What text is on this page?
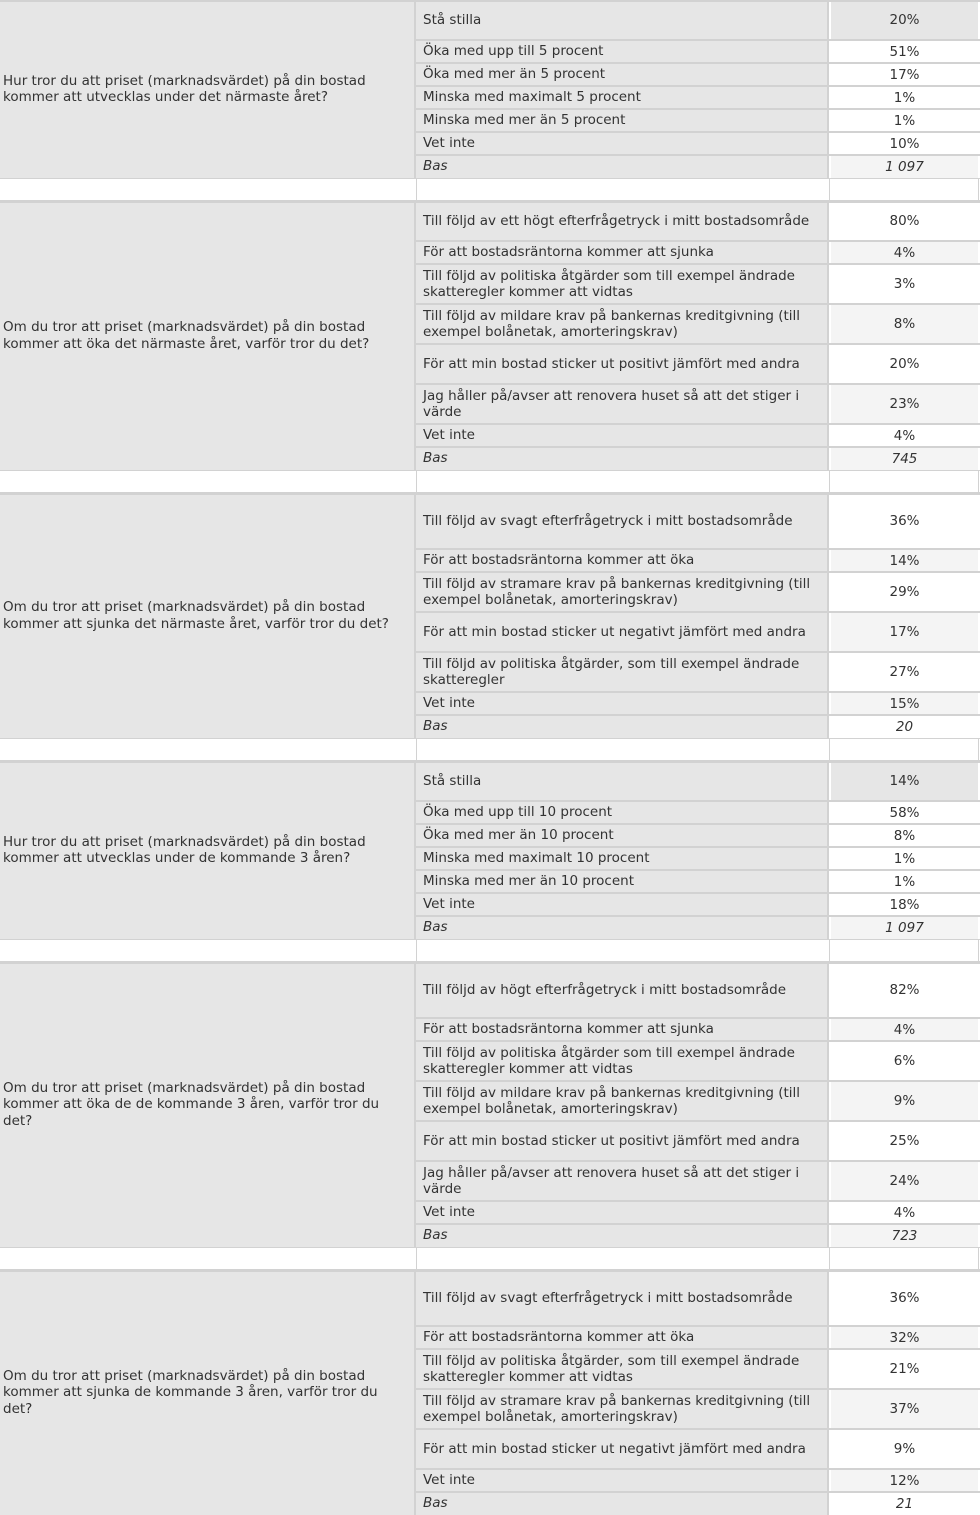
Hur tror du att priset (marknadsvärdet) på din bostad kommer att utvecklas under det närmaste året?
Stå stilla	20%
Öka med upp till 5 procent	51%
Öka med mer än 5 procent	17%
Minska med maximalt 5 procent	1%
Minska med mer än 5 procent	1%
Vet inte	10%
Bas	1 097
Om du tror att priset (marknadsvärdet) på din bostad kommer att öka det närmaste året, varför tror du det?
Till följd av ett högt efterfrågetryck i mitt bostadsområde	80%
För att bostadsräntorna kommer att sjunka	4%
Till följd av politiska åtgärder som till exempel ändrade skatteregler kommer att vidtas	3%
Till följd av mildare krav på bankernas kreditgivning (till exempel bolånetak, amorteringskrav)	8%
För att min bostad sticker ut positivt jämfört med andra	20%
Jag håller på/avser att renovera huset så att det stiger i värde	23%
Vet inte	4%
Bas	745
Om du tror att priset (marknadsvärdet) på din bostad kommer att sjunka det närmaste året, varför tror du det?
Till följd av svagt efterfrågetryck i mitt bostadsområde	36%
För att bostadsräntorna kommer att öka	14%
Till följd av stramare krav på bankernas kreditgivning (till exempel bolånetak, amorteringskrav)	29%
För att min bostad sticker ut negativt jämfört med andra	17%
Till följd av politiska åtgärder, som till exempel ändrade skatteregler	27%
Vet inte	15%
Bas	20
Hur tror du att priset (marknadsvärdet) på din bostad kommer att utvecklas under de kommande 3 åren?
Stå stilla	14%
Öka med upp till 10 procent	58%
Öka med mer än 10 procent	8%
Minska med maximalt 10 procent	1%
Minska med mer än 10 procent	1%
Vet inte	18%
Bas	1 097
Om du tror att priset (marknadsvärdet) på din bostad kommer att öka de de kommande 3 åren, varför tror du det?
Till följd av högt efterfrågetryck i mitt bostadsområde	82%
För att bostadsräntorna kommer att sjunka	4%
Till följd av politiska åtgärder som till exempel ändrade skatteregler kommer att vidtas	6%
Till följd av mildare krav på bankernas kreditgivning (till exempel bolånetak, amorteringskrav)	9%
För att min bostad sticker ut positivt jämfört med andra	25%
Jag håller på/avser att renovera huset så att det stiger i värde	24%
Vet inte	4%
Bas	723
Om du tror att priset (marknadsvärdet) på din bostad kommer att sjunka de kommande 3 åren, varför tror du det?
Till följd av svagt efterfrågetryck i mitt bostadsområde	36%
För att bostadsräntorna kommer att öka	32%
Till följd av politiska åtgärder, som till exempel ändrade skatteregler kommer att vidtas	21%
Till följd av stramare krav på bankernas kreditgivning (till exempel bolånetak, amorteringskrav)	37%
För att min bostad sticker ut negativt jämfört med andra	9%
Vet inte	12%
Bas	21
